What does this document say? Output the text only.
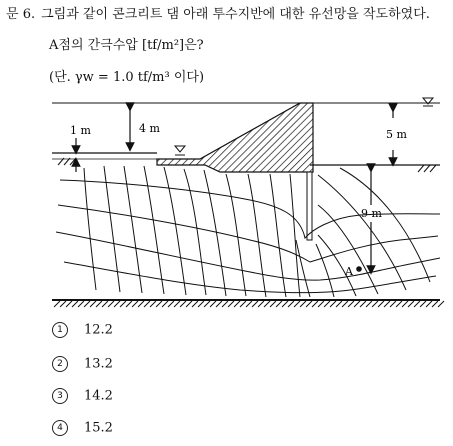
문 6. 그림과 같이 콘크리트 댐 아래 투수지반에 대한 유선망을 작도하였다.
A점의 간극수압 [tf/m²]은?
(단. γw = 1.0 tf/m³ 이다)
4 m
1 m	5 m
9 m
A
1 12.2
2 13.2
3 14.2
4 15.2
